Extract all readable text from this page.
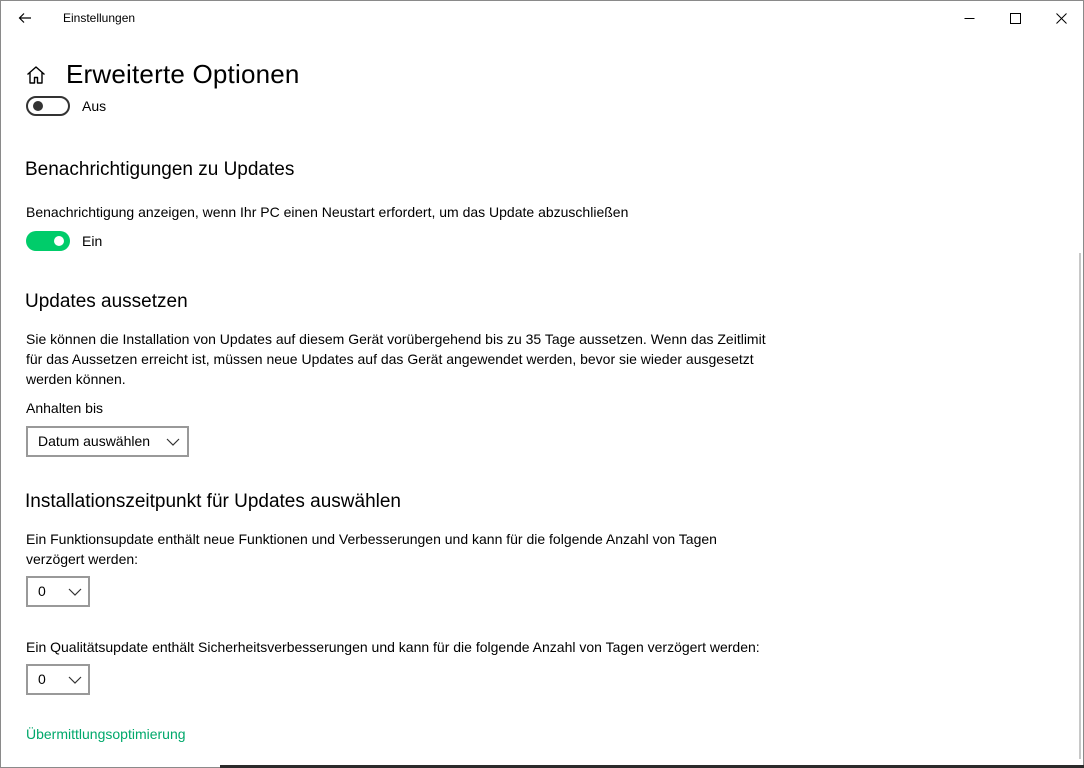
Einstellungen
Erweiterte Optionen
Aus
Benachrichtigungen zu Updates
Benachrichtigung anzeigen, wenn Ihr PC einen Neustart erfordert, um das Update abzuschließen
Ein
Updates aussetzen
Sie können die Installation von Updates auf diesem Gerät vorübergehend bis zu 35 Tage aussetzen. Wenn das Zeitlimit
für das Aussetzen erreicht ist, müssen neue Updates auf das Gerät angewendet werden, bevor sie wieder ausgesetzt
werden können.
Anhalten bis
Datum auswählen
Installationszeitpunkt für Updates auswählen
Ein Funktionsupdate enthält neue Funktionen und Verbesserungen und kann für die folgende Anzahl von Tagen
verzögert werden:
0
Ein Qualitätsupdate enthält Sicherheitsverbesserungen und kann für die folgende Anzahl von Tagen verzögert werden:
0
Übermittlungsoptimierung
